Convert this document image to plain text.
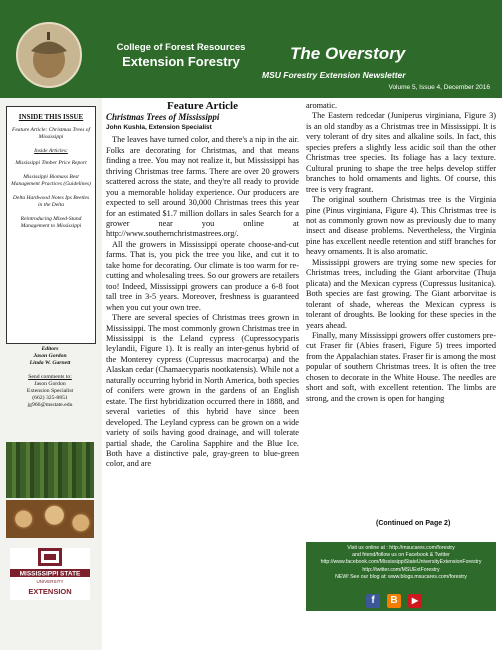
College of Forest Resources
Extension Forestry	The Overstory
MSU Forestry Extension Newsletter
Volume 5, Issue 4, December 2016
INSIDE THIS ISSUE
Feature Article: Christmas Trees of Mississippi
Inside Articles:
Mississippi Timber Price Report
Mississippi Biomass Best Management Practices (Guidelines)
Delta Hardwood Notes Ips Beetles in the Delta
Reintroducing Mixed-Stand Management to Mississippi
Editors
Jason Gordon
Linda W. Garnett
Send comments to:
Jason Gordon
Extension Specialist
(662) 325-8851
jg966@msstate.edu
MISSISSIPPI STATE
UNIVERSITY
EXTENSION
Feature Article
Christmas Trees of Mississippi
John Kushla, Extension Specialist

The leaves have turned color, and there's a nip in the air. Folks are decorating for Christmas, and that means finding a tree. You may not realize it, but Mississippi has thriving Christmas tree farms. There are over 20 growers scattered across the state, and they're all ready to provide you a memorable holiday experience. Our producers are expected to sell around 30,000 Christmas trees this year for an estimated $1.7 million dollars in sales Search for a grower near you online at http://www.southernchristmastrees.org/.

All the growers in Mississippi operate choose-and-cut farms. That is, you pick the tree you like, and cut it to take home for decorating. Our climate is too warm for re-cutting and wholesaling trees. So our growers are retailers too! Indeed, Mississippi growers can produce a 6-8 foot tall tree in 3-5 years. Moreover, freshness is guaranteed when you cut your own tree.

There are several species of Christmas trees grown in Mississippi. The most commonly grown Christmas tree in Mississippi is the Leland cypress (Cupressocyparis leylandii, Figure 1). It is really an inter-genus hybrid of the Monterey cypress (Cupressus macrocarpa) and the Alaskan cedar (Chamaecyparis nootkatensis). While not a naturally occurring hybrid in North America, both species of conifers were grown in the gardens of an English estate. The first hybridization occurred there in 1888, and several varieties of this hybrid have since been developed. The Leyland cypress can be grown on a wide variety of soils having good drainage, and will tolerate partial shade, the Carolina Sapphire and the Blue Ice. Both have a distinctive pale, gray-green to blue-green color, and are

aromatic.

The Eastern redcedar (Juniperus virginiana, Figure 3) is an old standby as a Christmas tree in Mississippi. It is very tolerant of dry sites and alkaline soils. In fact, this species prefers a slightly less acidic soil than the other Christmas tree species. Its foliage has a lacy texture. Cultural pruning to shape the tree helps develop stiffer branches to hold ornaments and lights. Of course, this tree is very fragrant.

The original southern Christmas tree is the Virginia pine (Pinus virginiana, Figure 4). This Christmas tree is not as commonly grown now as previously due to many insect and disease problems. Nevertheless, the Virginia pine has excellent needle retention and stiff branches for heavy ornaments. It is also aromatic.

Mississippi growers are trying some new species for Christmas trees, including the Giant arborvitae (Thuja plicata) and the Mexican cypress (Cupressus lusitanica). Both species are fast growing. The Giant arborvitae is tolerant of shade, whereas the Mexican cypress is tolerant of droughts. Be looking for these species in the years ahead.

Finally, many Mississippi growers offer customers pre-cut Fraser fir (Abies fraseri, Figure 5) trees imported from the Appalachian states. Fraser fir is among the most popular of southern Christmas trees. It is often the tree chosen to decorate in the White House. The needles are short and soft, with excellent retention. The limbs are strong, and the crown is open for hanging

(Continued on Page 2)
Visit us online at : http://msucares.com/forestry
and friend/follow us on Facebook & Twitter
http://www.facebook.com/MississippiStateUniversityExtensionForestry
http://twitter.com/MSUExtForestry
NEW! See our blog at: www.blogs.msucares.com/forestry
f B ▶
